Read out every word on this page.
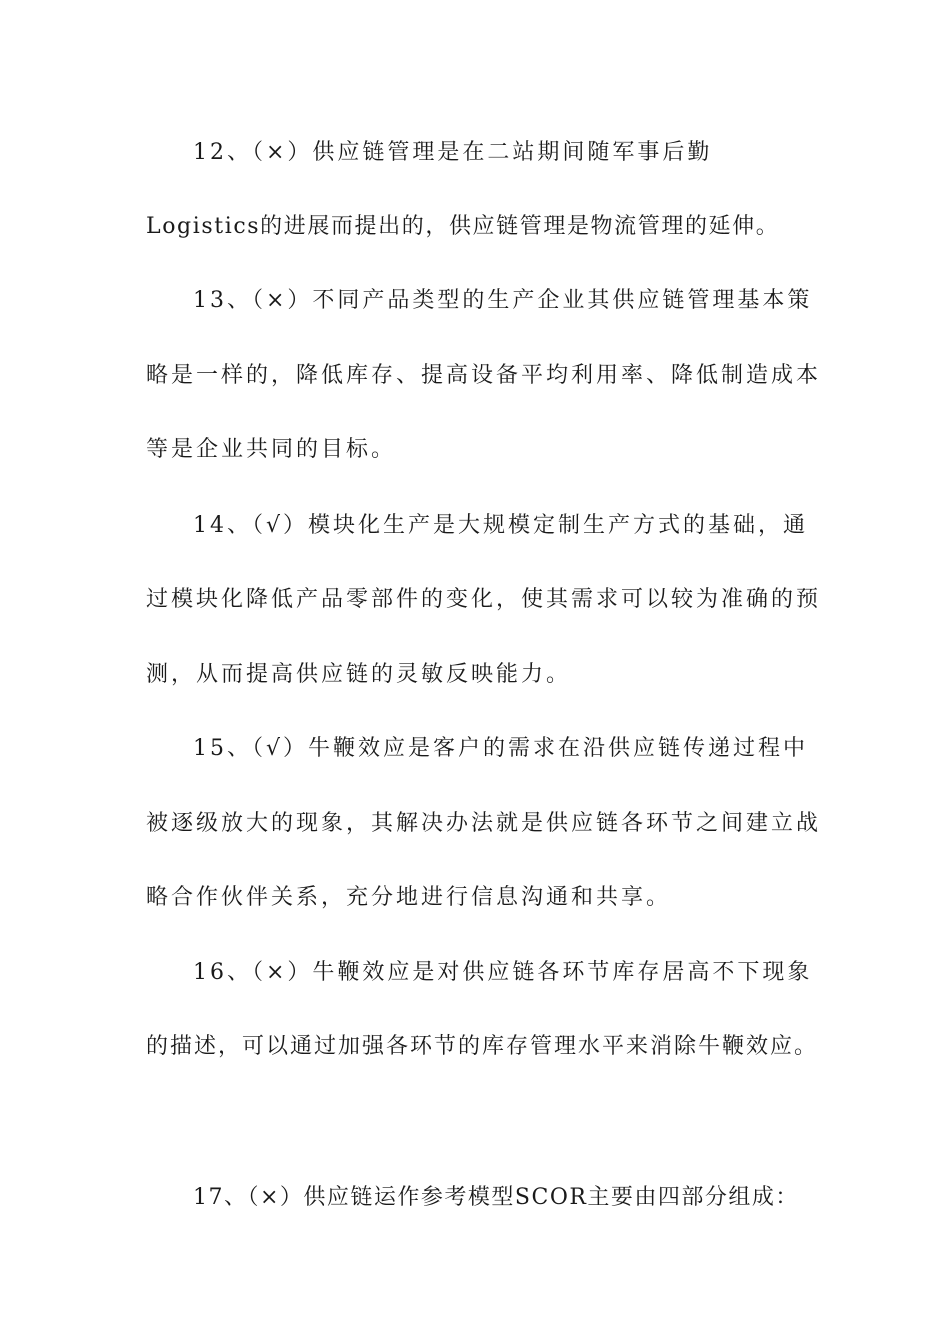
12、（×）供应链管理是在二站期间随军事后勤
Logistics的进展而提出的，供应链管理是物流管理的延伸。
13、（×）不同产品类型的生产企业其供应链管理基本策
略是一样的，降低库存、提高设备平均利用率、降低制造成本
等是企业共同的目标。
14、（√）模块化生产是大规模定制生产方式的基础，通
过模块化降低产品零部件的变化，使其需求可以较为准确的预
测，从而提高供应链的灵敏反映能力。
15、（√）牛鞭效应是客户的需求在沿供应链传递过程中
被逐级放大的现象，其解决办法就是供应链各环节之间建立战
略合作伙伴关系，充分地进行信息沟通和共享。
16、（×）牛鞭效应是对供应链各环节库存居高不下现象
的描述，可以通过加强各环节的库存管理水平来消除牛鞭效应。
17、（×）供应链运作参考模型SCOR主要由四部分组成：
